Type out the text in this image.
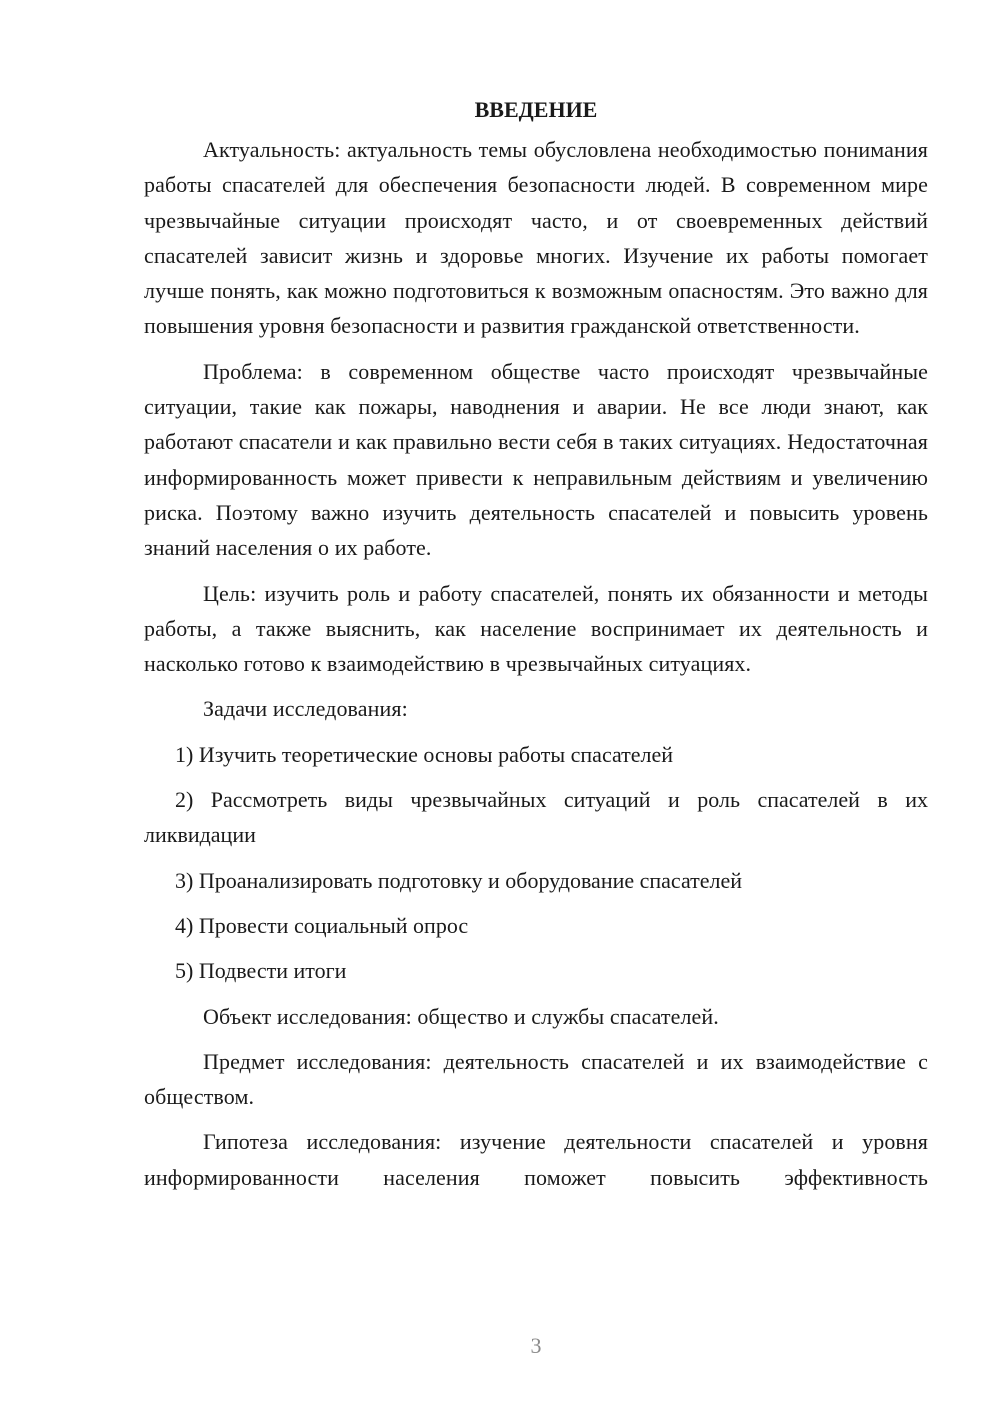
ВВЕДЕНИЕ

Актуальность: актуальность темы обусловлена необходимостью понимания работы спасателей для обеспечения безопасности людей. В современном мире чрезвычайные ситуации происходят часто, и от своевременных действий спасателей зависит жизнь и здоровье многих. Изучение их работы помогает лучше понять, как можно подготовиться к возможным опасностям. Это важно для повышения уровня безопасности и развития гражданской ответственности.

Проблема: в современном обществе часто происходят чрезвычайные ситуации, такие как пожары, наводнения и аварии. Не все люди знают, как работают спасатели и как правильно вести себя в таких ситуациях. Недостаточная информированность может привести к неправильным действиям и увеличению риска. Поэтому важно изучить деятельность спасателей и повысить уровень знаний населения о их работе.

Цель: изучить роль и работу спасателей, понять их обязанности и методы работы, а также выяснить, как население воспринимает их деятельность и насколько готово к взаимодействию в чрезвычайных ситуациях.

Задачи исследования:

1) Изучить теоретические основы работы спасателей

2) Рассмотреть виды чрезвычайных ситуаций и роль спасателей в их ликвидации

3) Проанализировать подготовку и оборудование спасателей

4) Провести социальный опрос

5) Подвести итоги

Объект исследования: общество и службы спасателей.

Предмет исследования: деятельность спасателей и их взаимодействие с обществом.

Гипотеза исследования: изучение деятельности спасателей и уровня информированности населения поможет повысить эффективность

3
